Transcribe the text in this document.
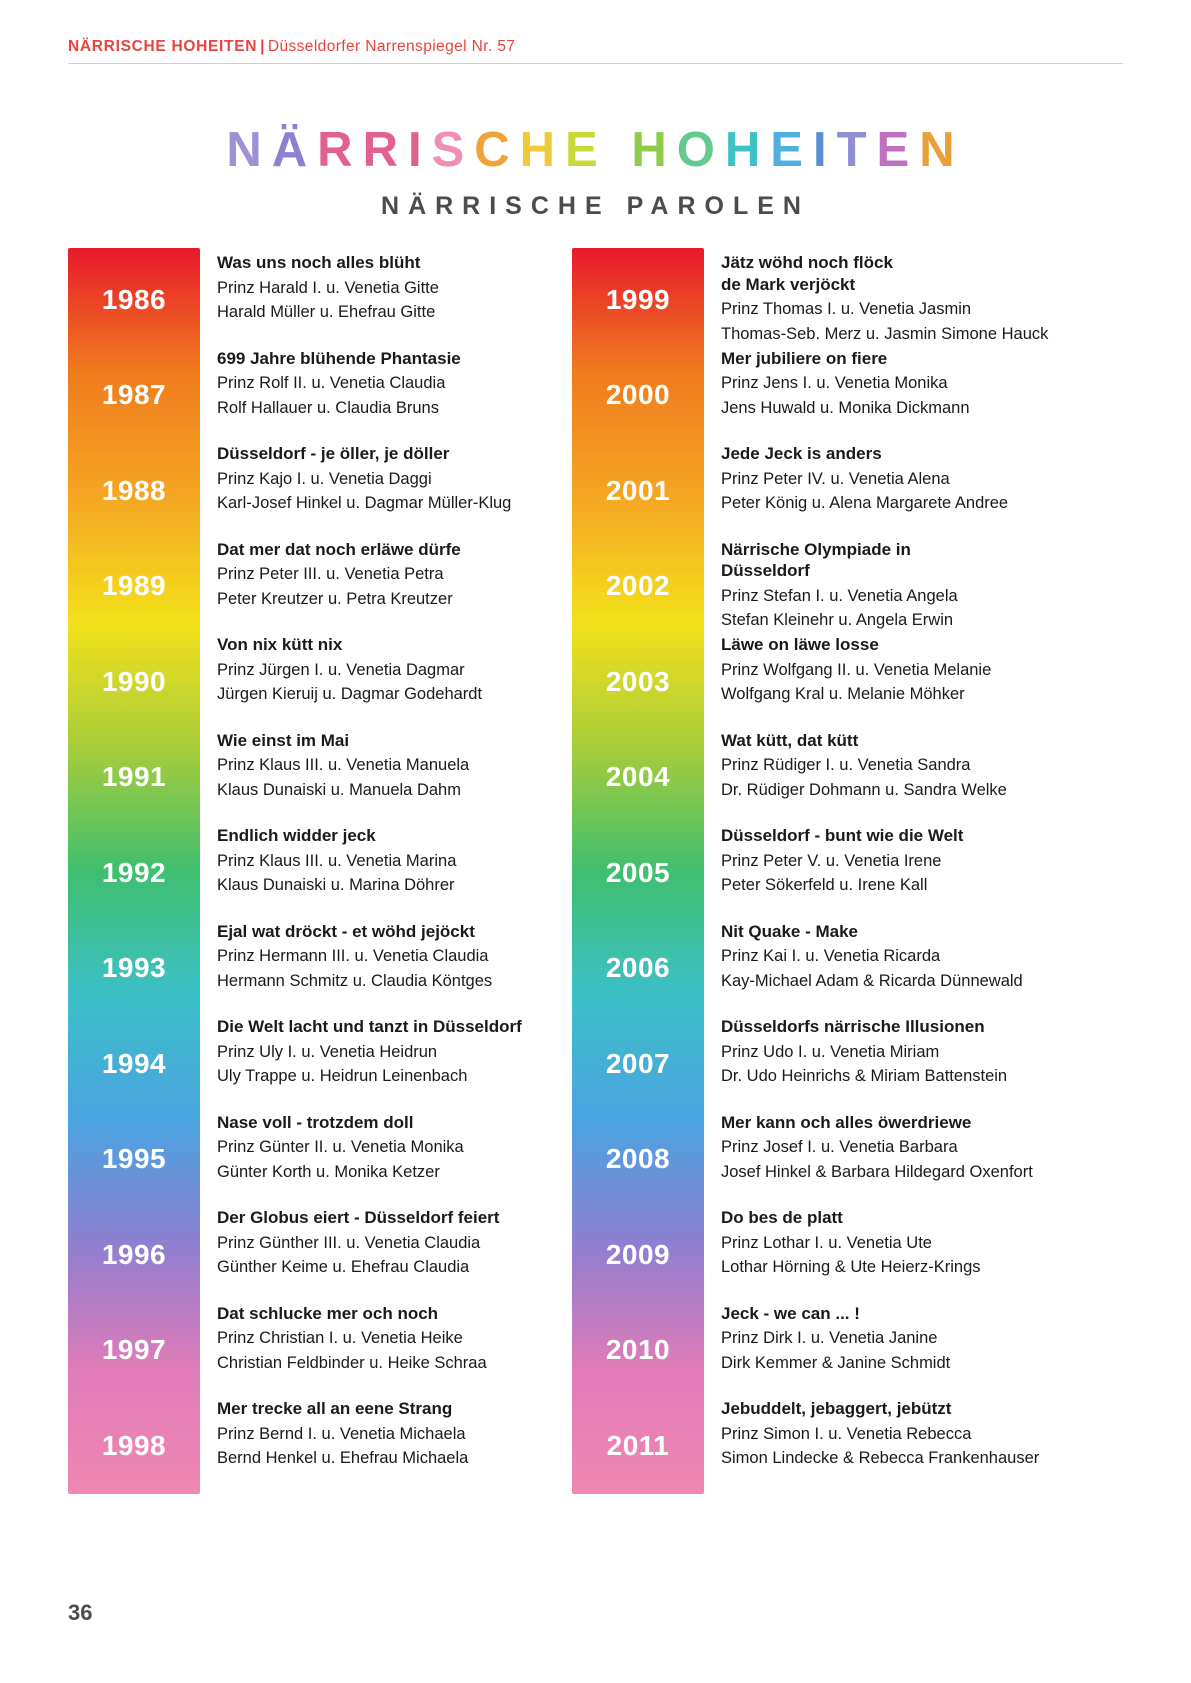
NÄRRISCHE HOHEITEN | Düsseldorfer Narrenspiegel Nr. 57
NÄRRISCHE HOHEITEN
NÄRRISCHE PAROLEN
1986
Was uns noch alles blüht
Prinz Harald I. u. Venetia Gitte
Harald Müller u. Ehefrau Gitte
1987
699 Jahre blühende Phantasie
Prinz Rolf II. u. Venetia Claudia
Rolf Hallauer u. Claudia Bruns
1988
Düsseldorf - je öller, je döller
Prinz Kajo I. u. Venetia Daggi
Karl-Josef Hinkel u. Dagmar Müller-Klug
1989
Dat mer dat noch erläwe dürfe
Prinz Peter III. u. Venetia Petra
Peter Kreutzer u. Petra Kreutzer
1990
Von nix kütt nix
Prinz Jürgen I. u. Venetia Dagmar
Jürgen Kieruij u. Dagmar Godehardt
1991
Wie einst im Mai
Prinz Klaus III. u. Venetia Manuela
Klaus Dunaiski u. Manuela Dahm
1992
Endlich widder jeck
Prinz Klaus III. u. Venetia Marina
Klaus Dunaiski u. Marina Döhrer
1993
Ejal wat dröckt - et wöhd jejöckt
Prinz Hermann III. u. Venetia Claudia
Hermann Schmitz u. Claudia Köntges
1994
Die Welt lacht und tanzt in Düsseldorf
Prinz Uly I. u. Venetia Heidrun
Uly Trappe u. Heidrun Leinenbach
1995
Nase voll - trotzdem doll
Prinz Günter II. u. Venetia Monika
Günter Korth u. Monika Ketzer
1996
Der Globus eiert - Düsseldorf feiert
Prinz Günther III. u. Venetia Claudia
Günther Keime u. Ehefrau Claudia
1997
Dat schlucke mer och noch
Prinz Christian I. u. Venetia Heike
Christian Feldbinder u. Heike Schraa
1998
Mer trecke all an eene Strang
Prinz Bernd I. u. Venetia Michaela
Bernd Henkel u. Ehefrau Michaela
1999
Jätz wöhd noch flöck
de Mark verjöckt
Prinz Thomas I. u. Venetia Jasmin
Thomas-Seb. Merz u. Jasmin Simone Hauck
2000
Mer jubiliere on fiere
Prinz Jens I. u. Venetia Monika
Jens Huwald u. Monika Dickmann
2001
Jede Jeck is anders
Prinz Peter IV. u. Venetia Alena
Peter König u. Alena Margarete Andree
2002
Närrische Olympiade in
Düsseldorf
Prinz Stefan I. u. Venetia Angela
Stefan Kleinehr u. Angela Erwin
2003
Läwe on läwe losse
Prinz Wolfgang II. u. Venetia Melanie
Wolfgang Kral u. Melanie Möhker
2004
Wat kütt, dat kütt
Prinz Rüdiger I. u. Venetia Sandra
Dr. Rüdiger Dohmann u. Sandra Welke
2005
Düsseldorf - bunt wie die Welt
Prinz Peter V. u. Venetia Irene
Peter Sökerfeld u. Irene Kall
2006
Nit Quake - Make
Prinz Kai I. u. Venetia Ricarda
Kay-Michael Adam & Ricarda Dünnewald
2007
Düsseldorfs närrische Illusionen
Prinz Udo I. u. Venetia Miriam
Dr. Udo Heinrichs & Miriam Battenstein
2008
Mer kann och alles öwerdriewe
Prinz Josef I. u. Venetia Barbara
Josef Hinkel & Barbara Hildegard Oxenfort
2009
Do bes de platt
Prinz Lothar I. u. Venetia Ute
Lothar Hörning & Ute Heierz-Krings
2010
Jeck - we can ... !
Prinz Dirk I. u. Venetia Janine
Dirk Kemmer & Janine Schmidt
2011
Jebuddelt, jebaggert, jebützt
Prinz Simon I. u. Venetia Rebecca
Simon Lindecke & Rebecca Frankenhauser
36
